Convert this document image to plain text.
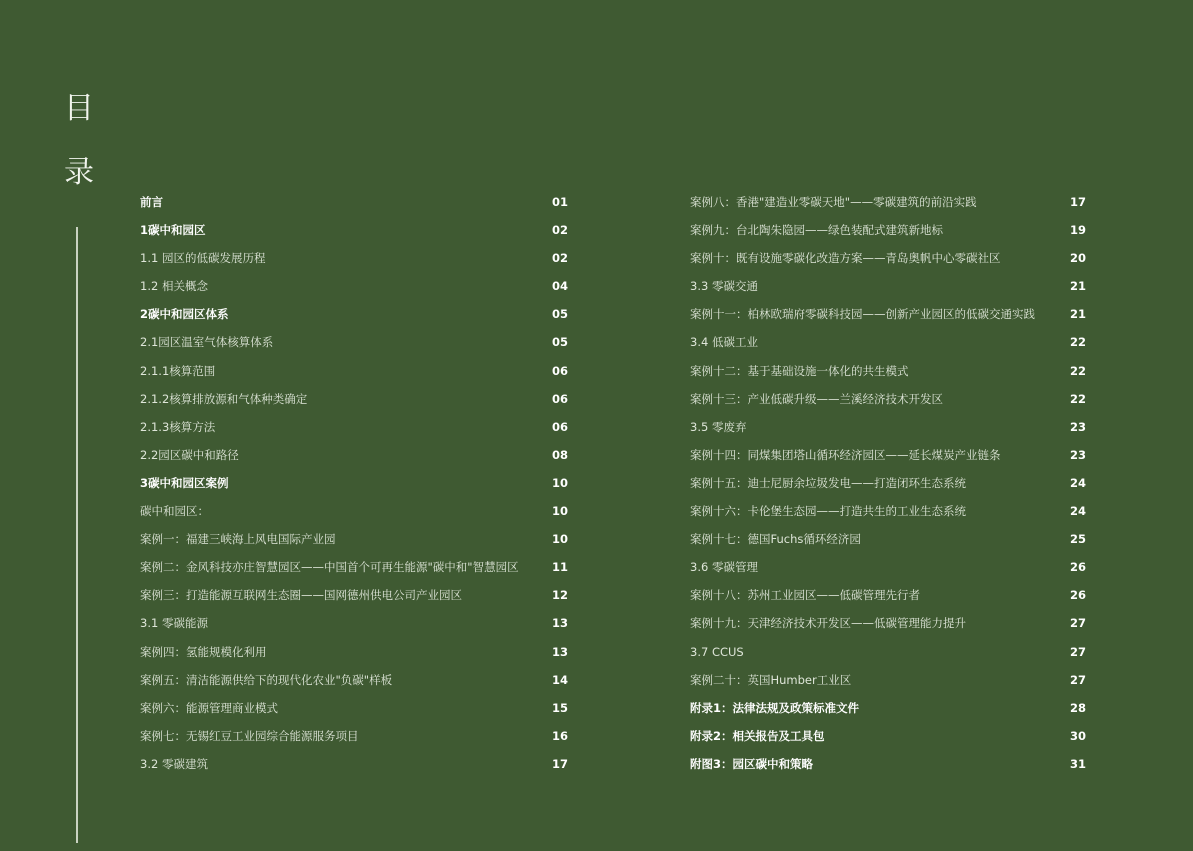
目
录
前言	01
1碳中和园区	02
1.1 园区的低碳发展历程	02
1.2 相关概念	04
2碳中和园区体系	05
2.1园区温室气体核算体系	05
2.1.1核算范围	06
2.1.2核算排放源和气体种类确定	06
2.1.3核算方法	06
2.2园区碳中和路径	08
3碳中和园区案例	10
碳中和园区：	10
案例一：福建三峡海上风电国际产业园	10
案例二：金风科技亦庄智慧园区——中国首个可再生能源"碳中和"智慧园区	11
案例三：打造能源互联网生态圈——国网德州供电公司产业园区	12
3.1 零碳能源	13
案例四：氢能规模化利用	13
案例五：清洁能源供给下的现代化农业"负碳"样板	14
案例六：能源管理商业模式	15
案例七：无锡红豆工业园综合能源服务项目	16
3.2 零碳建筑	17
案例八：香港"建造业零碳天地"——零碳建筑的前沿实践	17
案例九：台北陶朱隐园——绿色装配式建筑新地标	19
案例十：既有设施零碳化改造方案——青岛奥帆中心零碳社区	20
3.3 零碳交通	21
案例十一：柏林欧瑞府零碳科技园——创新产业园区的低碳交通实践	21
3.4 低碳工业	22
案例十二：基于基础设施一体化的共生模式	22
案例十三：产业低碳升级——兰溪经济技术开发区	22
3.5 零废弃	23
案例十四：同煤集团塔山循环经济园区——延长煤炭产业链条	23
案例十五：迪士尼厨余垃圾发电——打造闭环生态系统	24
案例十六：卡伦堡生态园——打造共生的工业生态系统	24
案例十七：德国Fuchs循环经济园	25
3.6 零碳管理	26
案例十八：苏州工业园区——低碳管理先行者	26
案例十九：天津经济技术开发区——低碳管理能力提升	27
3.7 CCUS	27
案例二十：英国Humber工业区	27
附录1：法律法规及政策标准文件	28
附录2：相关报告及工具包	30
附图3：园区碳中和策略	31
